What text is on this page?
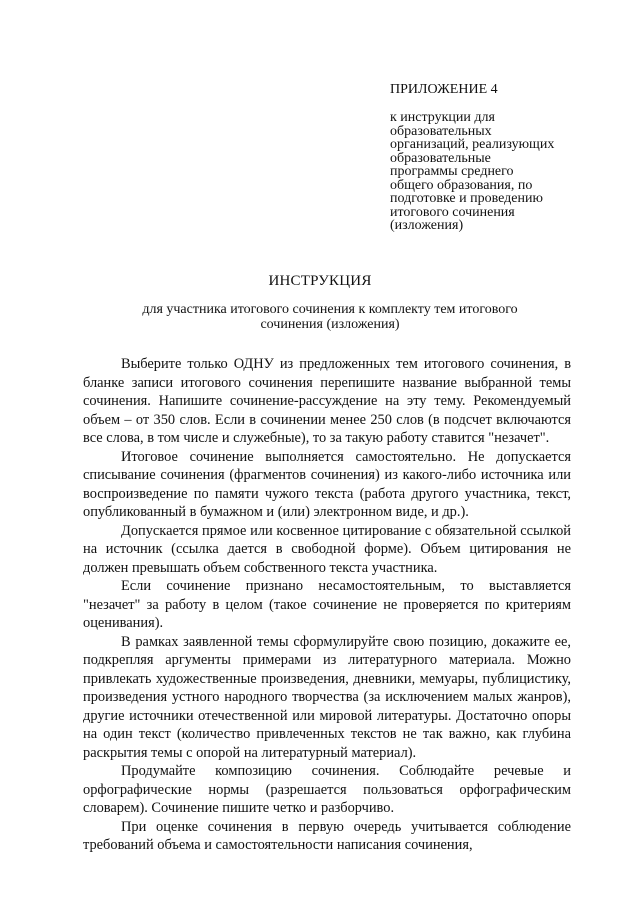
ПРИЛОЖЕНИЕ 4
к инструкции для
образовательных
организаций, реализующих
образовательные
программы среднего
общего образования, по
подготовке и проведению
итогового сочинения
(изложения)
ИНСТРУКЦИЯ
для участника итогового сочинения к комплекту тем итогового сочинения (изложения)

Выберите только ОДНУ из предложенных тем итогового сочинения, в бланке записи итогового сочинения перепишите название выбранной темы сочинения. Напишите сочинение-рассуждение на эту тему. Рекомендуемый объем – от 350 слов. Если в сочинении менее 250 слов (в подсчет включаются все слова, в том числе и служебные), то за такую работу ставится "незачет".

Итоговое сочинение выполняется самостоятельно. Не допускается списывание сочинения (фрагментов сочинения) из какого-либо источника или воспроизведение по памяти чужого текста (работа другого участника, текст, опубликованный в бумажном и (или) электронном виде, и др.).

Допускается прямое или косвенное цитирование с обязательной ссылкой на источник (ссылка дается в свободной форме). Объем цитирования не должен превышать объем собственного текста участника.

Если сочинение признано несамостоятельным, то выставляется "незачет" за работу в целом (такое сочинение не проверяется по критериям оценивания).

В рамках заявленной темы сформулируйте свою позицию, докажите ее, подкрепляя аргументы примерами из литературного материала. Можно привлекать художественные произведения, дневники, мемуары, публицистику, произведения устного народного творчества (за исключением малых жанров), другие источники отечественной или мировой литературы. Достаточно опоры на один текст (количество привлеченных текстов не так важно, как глубина раскрытия темы с опорой на литературный материал).

Продумайте композицию сочинения. Соблюдайте речевые и орфографические нормы (разрешается пользоваться орфографическим словарем). Сочинение пишите четко и разборчиво.

При оценке сочинения в первую очередь учитывается соблюдение требований объема и самостоятельности написания сочинения,
